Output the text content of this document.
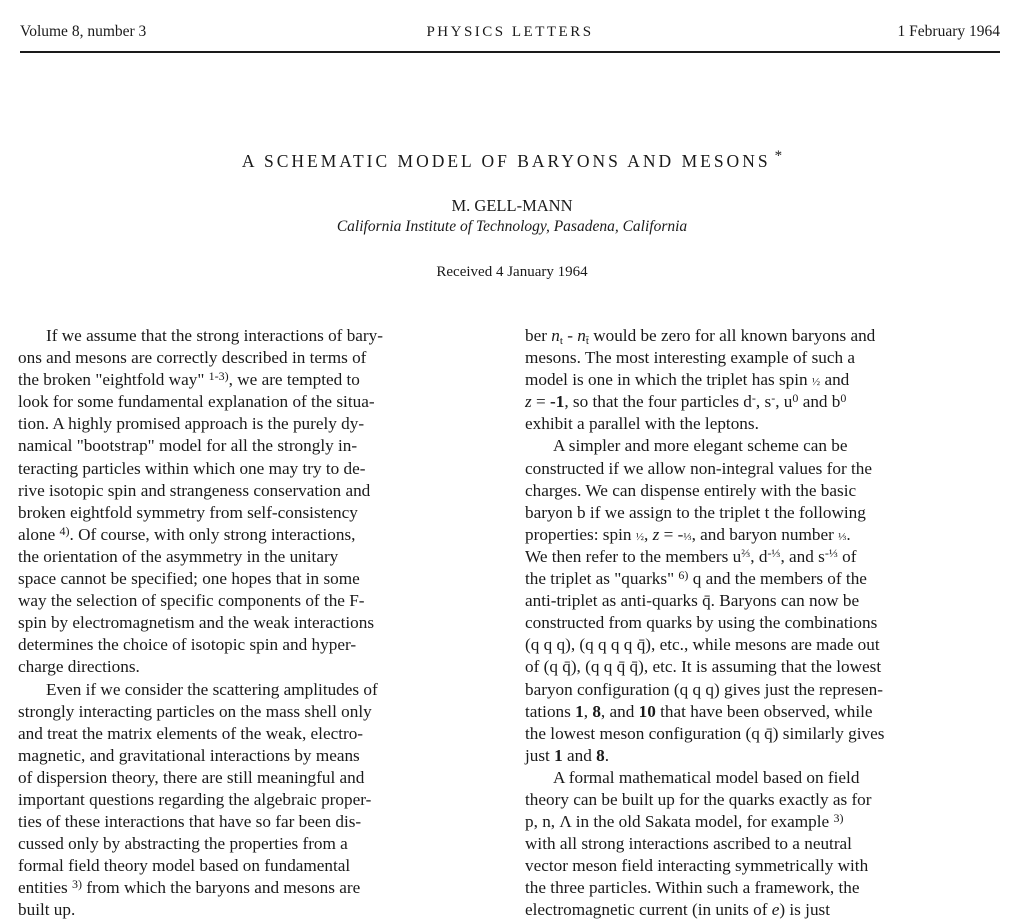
Volume 8, number 3	PHYSICS LETTERS	1 February 1964
A SCHEMATIC MODEL OF BARYONS AND MESONS *
M. GELL-MANN
California Institute of Technology, Pasadena, California
Received 4 January 1964
If we assume that the strong interactions of bary-
ons and mesons are correctly described in terms of
the broken "eightfold way" $^{1-3)}$, we are tempted to
look for some fundamental explanation of the situa-
tion. A highly promised approach is the purely dy-
namical "bootstrap" model for all the strongly in-
teracting particles within which one may try to de-
rive isotopic spin and strangeness conservation and
broken eightfold symmetry from self-consistency
alone $^{4)}$. Of course, with only strong interactions,
the orientation of the asymmetry in the unitary
space cannot be specified; one hopes that in some
way the selection of specific components of the F-
spin by electromagnetism and the weak interactions
determines the choice of isotopic spin and hyper-
charge directions.
Even if we consider the scattering amplitudes of
strongly interacting particles on the mass shell only
and treat the matrix elements of the weak, electro-
magnetic, and gravitational interactions by means
of dispersion theory, there are still meaningful and
important questions regarding the algebraic proper-
ties of these interactions that have so far been dis-
cussed only by abstracting the properties from a
formal field theory model based on fundamental
entities $^{3)}$ from which the baryons and mesons are
built up.
ber $n_t - n_{t̄}$ would be zero for all known baryons and
mesons. The most interesting example of such a
model is one in which the triplet has spin ½ and
z = -1, so that the four particles d-, s-, $u^0$ and $b^0$
exhibit a parallel with the leptons.
A simpler and more elegant scheme can be
constructed if we allow non-integral values for the
charges. We can dispense entirely with the basic
baryon b if we assign to the triplet t the following
properties: spin ½, z = -⅓, and baryon number ⅓.
We then refer to the members $u^{\frac{2}{3}}$, $d^{-\frac{1}{3}}$, and $s^{-\frac{1}{3}}$ of
the triplet as "quarks" $^{6)}$ q and the members of the
anti-triplet as anti-quarks q̄. Baryons can now be
constructed from quarks by using the combinations
(q q q), (q q q q q̄), etc., while mesons are made out
of (q q̄), (q q q̄ q̄), etc. It is assuming that the lowest
baryon configuration (q q q) gives just the represen-
tations 1, 8, and 10 that have been observed, while
the lowest meson configuration (q q̄) similarly gives
just 1 and 8.
A formal mathematical model based on field
theory can be built up for the quarks exactly as for
p, n, Λ in the old Sakata model, for example $^{3)}$
with all strong interactions ascribed to a neutral
vector meson field interacting symmetrically with
the three particles. Within such a framework, the
electromagnetic current (in units of e) is just
